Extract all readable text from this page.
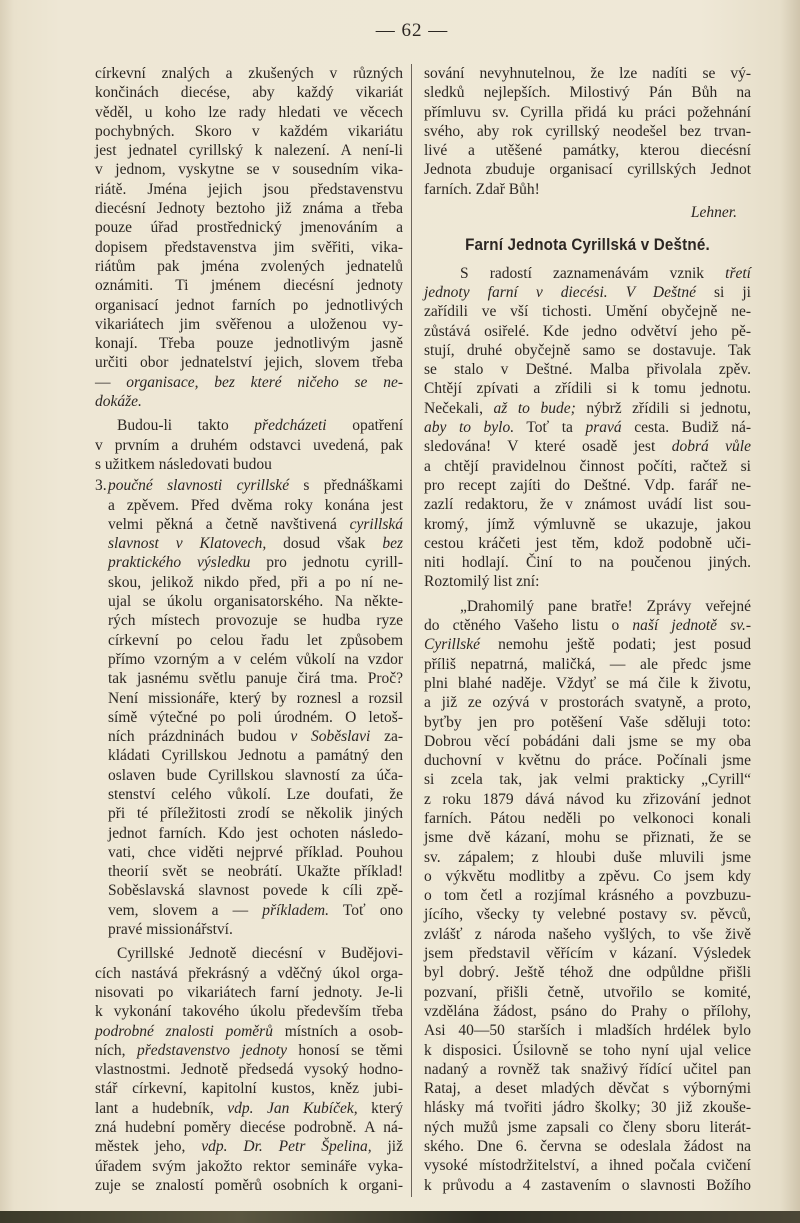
— 62 —
církevní znalých a zkušených v různých
končinách diecése, aby každý vikariát
věděl, u koho lze rady hledati ve věcech
pochybných. Skoro v každém vikariátu
jest jednatel cyrillský k nalezení. A není-li
v jednom, vyskytne se v sousedním vika-
riátě. Jména jejich jsou představenstvu
diecésní Jednoty beztoho již známa a třeba
pouze úřad prostřednický jmenováním a
dopisem představenstva jim svěřiti, vika-
riátům pak jména zvolených jednatelů
oznámiti. Ti jménem diecésní jednoty
organisací jednot farních po jednotlivých
vikariátech jim svěřenou a uloženou vy-
konají. Třeba pouze jednotlivým jasně
určiti obor jednatelství jejich, slovem třeba
— organisace, bez které ničeho se ne-
dokáže.
Budou-li takto předcházeti opatření
v prvním a druhém odstavci uvedená, pak
s užitkem následovati budou
3. poučné slavnosti cyrillské s přednáškami
a zpěvem. Před dvěma roky konána jest
velmi pěkná a četně navštivená cyrillská
slavnost v Klatovech, dosud však bez
praktického výsledku pro jednotu cyrill-
skou, jelikož nikdo před, při a po ní ne-
ujal se úkolu organisatorského. Na někte-
rých místech provozuje se hudba ryze
církevní po celou řadu let způsobem
přímo vzorným a v celém vůkolí na vzdor
tak jasnému světlu panuje čirá tma. Proč?
Není missionáře, který by roznesl a rozsil
símě výtečné po poli úrodném. O letoš-
ních prázdninách budou v Soběslavi za-
kládati Cyrillskou Jednotu a památný den
oslaven bude Cyrillskou slavností za úča-
stenství celého vůkolí. Lze doufati, že
při té příležitosti zrodí se několik jiných
jednot farních. Kdo jest ochoten následo-
vati, chce viděti nejprvé příklad. Pouhou
theorií svět se neobrátí. Ukažte příklad!
Soběslavská slavnost povede k cíli zpě-
vem, slovem a — příkladem. Toť ono
pravé missionářství.
Cyrillské Jednotě diecésní v Budějovi-
cích nastává překrásný a vděčný úkol orga-
nisovati po vikariátech farní jednoty. Je-li
k vykonání takového úkolu především třeba
podrobné znalosti poměrů místních a osob-
ních, představenstvo jednoty honosí se těmi
vlastnostmi. Jednotě předsedá vysoký hodno-
stář církevní, kapitolní kustos, kněz jubi-
lant a hudebník, vdp. Jan Kubíček, který
zná hudební poměry diecése podrobně. A ná-
městek jeho, vdp. Dr. Petr Špelina, již
úřadem svým jakožto rektor semináře vyka-
zuje se znalostí poměrů osobních k organi-
sování nevyhnutelnou, že lze nadíti se vý-
sledků nejlepších. Milostivý Pán Bůh na
přímluvu sv. Cyrilla přidá ku práci požehnání
svého, aby rok cyrillský neodešel bez trvan-
livé a utěšené památky, kterou diecésní
Jednota zbuduje organisací cyrillských Jednot
farních. Zdař Bůh!
Lehner.
Farní Jednota Cyrillská v Deštné.
S radostí zaznamenávám vznik třetí
jednoty farní v diecési. V Deštné si ji
zařídili ve vší tichosti. Umění obyčejně ne-
zůstává osiřelé. Kde jedno odvětví jeho pě-
stují, druhé obyčejně samo se dostavuje. Tak
se stalo v Deštné. Malba přivolala zpěv.
Chtějí zpívati a zřídili si k tomu jednotu.
Nečekali, až to bude; nýbrž zřídili si jednotu,
aby to bylo. Toť ta pravá cesta. Budiž ná-
sledována! V které osadě jest dobrá vůle
a chtějí pravidelnou činnost počíti, račtež si
pro recept zajíti do Deštné. Vdp. farář ne-
zazlí redaktoru, že v známost uvádí list sou-
kromý, jímž výmluvně se ukazuje, jakou
cestou kráčeti jest těm, kdož podobně uči-
niti hodlají. Činí to na poučenou jiných.
Roztomilý list zní:
„Drahomilý pane bratře! Zprávy veřejné
do ctěného Vašeho listu o naší jednotě sv.-
Cyrillské nemohu ještě podati; jest posud
příliš nepatrná, maličká, — ale předc jsme
plni blahé naděje. Vždyť se má čile k životu,
a již ze ozývá v prostorách svatyně, a proto,
byťby jen pro potěšení Vaše sděluji toto:
Dobrou věcí pobádáni dali jsme se my oba
duchovní v květnu do práce. Počínali jsme
si zcela tak, jak velmi prakticky „Cyrill“
z roku 1879 dává návod ku zřizování jednot
farních. Pátou neděli po velkonoci konali
jsme dvě kázaní, mohu se přiznati, že se
sv. zápalem; z hloubi duše mluvili jsme
o výkvětu modlitby a zpěvu. Co jsem kdy
o tom četl a rozjímal krásného a povzbuzu-
jícího, všecky ty velebné postavy sv. pěvců,
zvlášť z národa našeho vyšlých, to vše živě
jsem představil věřícím v kázaní. Výsledek
byl dobrý. Ještě téhož dne odpůldne přišli
pozvaní, přišli četně, utvořilo se komité,
vzdělána žádost, psáno do Prahy o přílohy,
Asi 40—50 starších i mladších hrdélek bylo
k disposici. Úsilovně se toho nyní ujal velice
nadaný a rovněž tak snaživý řídící učitel pan
Rataj, a deset mladých děvčat s výbornými
hlásky má tvořiti jádro školky; 30 již zkouše-
ných mužů jsme zapsali co členy sboru literát-
ského. Dne 6. června se odeslala žádost na
vysoké místodržitelství, a ihned počala cvičení
k průvodu a 4 zastavením o slavnosti Božího
